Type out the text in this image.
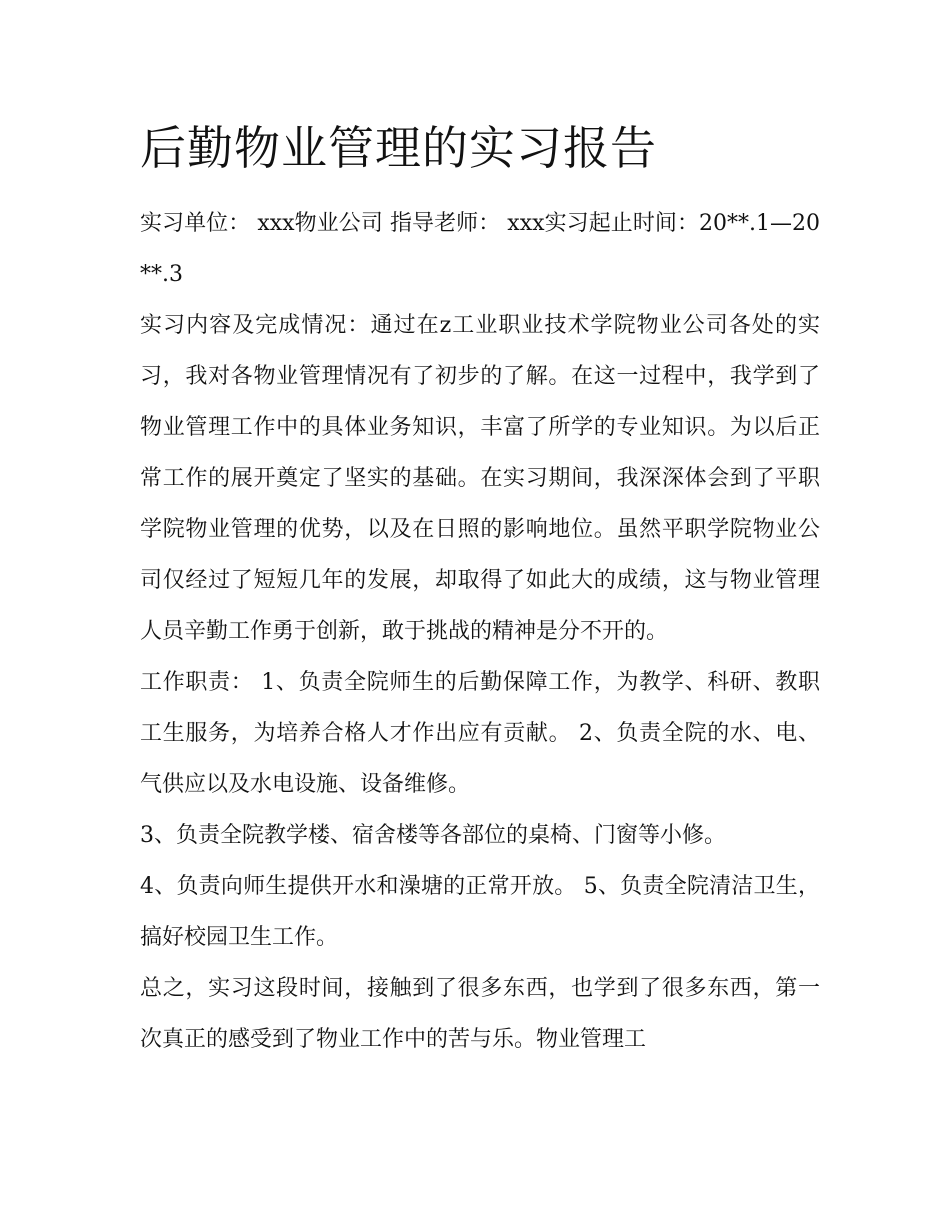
后勤物业管理的实习报告

实习单位： xxx物业公司 指导老师： xxx实习起止时间：20**.1—20**.3

实习内容及完成情况：通过在z工业职业技术学院物业公司各处的实习，我对各物业管理情况有了初步的了解。在这一过程中，我学到了物业管理工作中的具体业务知识，丰富了所学的专业知识。为以后正常工作的展开奠定了坚实的基础。在实习期间，我深深体会到了平职学院物业管理的优势，以及在日照的影响地位。虽然平职学院物业公司仅经过了短短几年的发展，却取得了如此大的成绩，这与物业管理人员辛勤工作勇于创新，敢于挑战的精神是分不开的。

工作职责： 1、负责全院师生的后勤保障工作，为教学、科研、教职工生服务，为培养合格人才作出应有贡献。 2、负责全院的水、电、气供应以及水电设施、设备维修。

3、负责全院教学楼、宿舍楼等各部位的桌椅、门窗等小修。

4、负责向师生提供开水和澡塘的正常开放。 5、负责全院清洁卫生，搞好校园卫生工作。

总之，实习这段时间，接触到了很多东西，也学到了很多东西，第一次真正的感受到了物业工作中的苦与乐。物业管理工
